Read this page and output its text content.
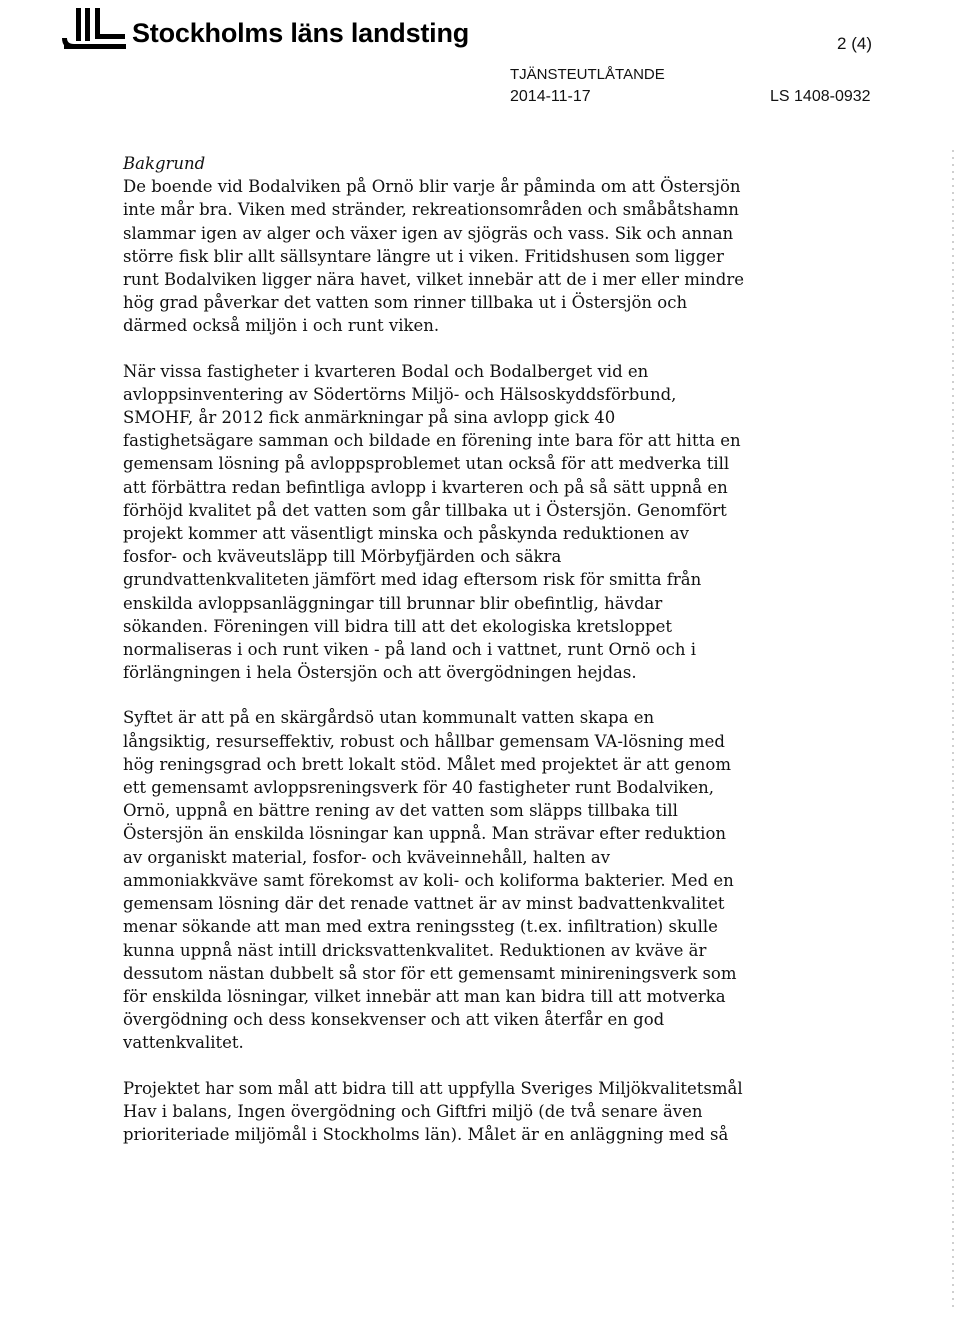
Stockholms läns landsting	2 (4)
TJÄNSTEUTLÅTANDE
2014-11-17	LS 1408-0932

Bakgrund

De boende vid Bodalviken på Ornö blir varje år påminda om att Östersjön inte mår bra. Viken med stränder, rekreationsområden och småbåtshamn slammar igen av alger och växer igen av sjögräs och vass. Sik och annan större fisk blir allt sällsyntare längre ut i viken. Fritidshusen som ligger runt Bodalviken ligger nära havet, vilket innebär att de i mer eller mindre hög grad påverkar det vatten som rinner tillbaka ut i Östersjön och därmed också miljön i och runt viken.

När vissa fastigheter i kvarteren Bodal och Bodalberget vid en avloppsinventering av Södertörns Miljö- och Hälsoskyddsförbund, SMOHF, år 2012 fick anmärkningar på sina avlopp gick 40 fastighetsägare samman och bildade en förening inte bara för att hitta en gemensam lösning på avloppsproblemet utan också för att medverka till att förbättra redan befintliga avlopp i kvarteren och på så sätt uppnå en förhöjd kvalitet på det vatten som går tillbaka ut i Östersjön. Genomfört projekt kommer att väsentligt minska och påskynda reduktionen av fosfor- och kväveutsläpp till Mörbyfjärden och säkra grundvattenkvaliteten jämfört med idag eftersom risk för smitta från enskilda avloppsanläggningar till brunnar blir obefintlig, hävdar sökanden. Föreningen vill bidra till att det ekologiska kretsloppet normaliseras i och runt viken - på land och i vattnet, runt Ornö och i förlängningen i hela Östersjön och att övergödningen hejdas.

Syftet är att på en skärgårdsö utan kommunalt vatten skapa en långsiktig, resurseffektiv, robust och hållbar gemensam VA-lösning med hög reningsgrad och brett lokalt stöd. Målet med projektet är att genom ett gemensamt avloppsreningsverk för 40 fastigheter runt Bodalviken, Ornö, uppnå en bättre rening av det vatten som släpps tillbaka till Östersjön än enskilda lösningar kan uppnå. Man strävar efter reduktion av organiskt material, fosfor- och kväveinnehåll, halten av ammoniakkväve samt förekomst av koli- och koliforma bakterier. Med en gemensam lösning där det renade vattnet är av minst badvattenkvalitet menar sökande att man med extra reningssteg (t.ex. infiltration) skulle kunna uppnå näst intill dricksvattenkvalitet. Reduktionen av kväve är dessutom nästan dubbelt så stor för ett gemensamt minireningsverk som för enskilda lösningar, vilket innebär att man kan bidra till att motverka övergödning och dess konsekvenser och att viken återfår en god vattenkvalitet.

Projektet har som mål att bidra till att uppfylla Sveriges Miljökvalitetsmål Hav i balans, Ingen övergödning och Giftfri miljö (de två senare även prioriteriade miljömål i Stockholms län). Målet är en anläggning med så
